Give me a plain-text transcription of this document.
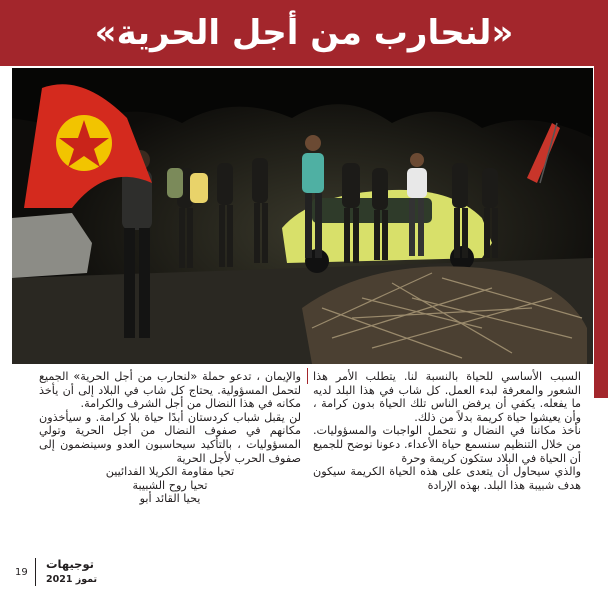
«لنحارب من أجل الحرية»

السبب الأساسي للحياة بالنسبة لنا. يتطلب الأمر هذا الشعور والمعرفة لبدء العمل. كل شاب في هذا البلد لديه ما يفعله. يكفي أن يرفض الناس تلك الحياة بدون كرامة ، وأن يعيشوا حياة كريمة بدلاً من ذلك.

نأخذ مكاننا في النضال و نتحمل الواجبات والمسؤوليات. من خلال التنظيم سنسمع حياة الأعداء. دعونا نوضح للجميع أن الحياة في البلاد ستكون كريمة وحرة

والذي سيحاول أن يتعدى على هذه الحياة الكريمة سيكون هدف شبيبة هذا البلد. بهذه الإرادة

والإيمان ، تدعو حملة «لنحارب من أجل الحرية» الجميع لتحمل المسؤولية. يحتاج كل شاب في البلاد إلى أن يأخذ مكانه في هذا النضال من أجل الشرف والكرامة.

لن يقبل شباب كردستان أبدًا حياة بلا كرامة. و سيأخذون مكانهم في صفوف النضال من أجل الحرية وتولي المسؤوليات ، بالتأكيد سيحاسبون العدو وسينضمون إلى صفوف الحرب لأجل الحرية

تحيا مقاومة الكريلا الفدائيين

تحيا روح الشبيبة

يحيا القائد أبو

19
توجيهات
تموز 2021
